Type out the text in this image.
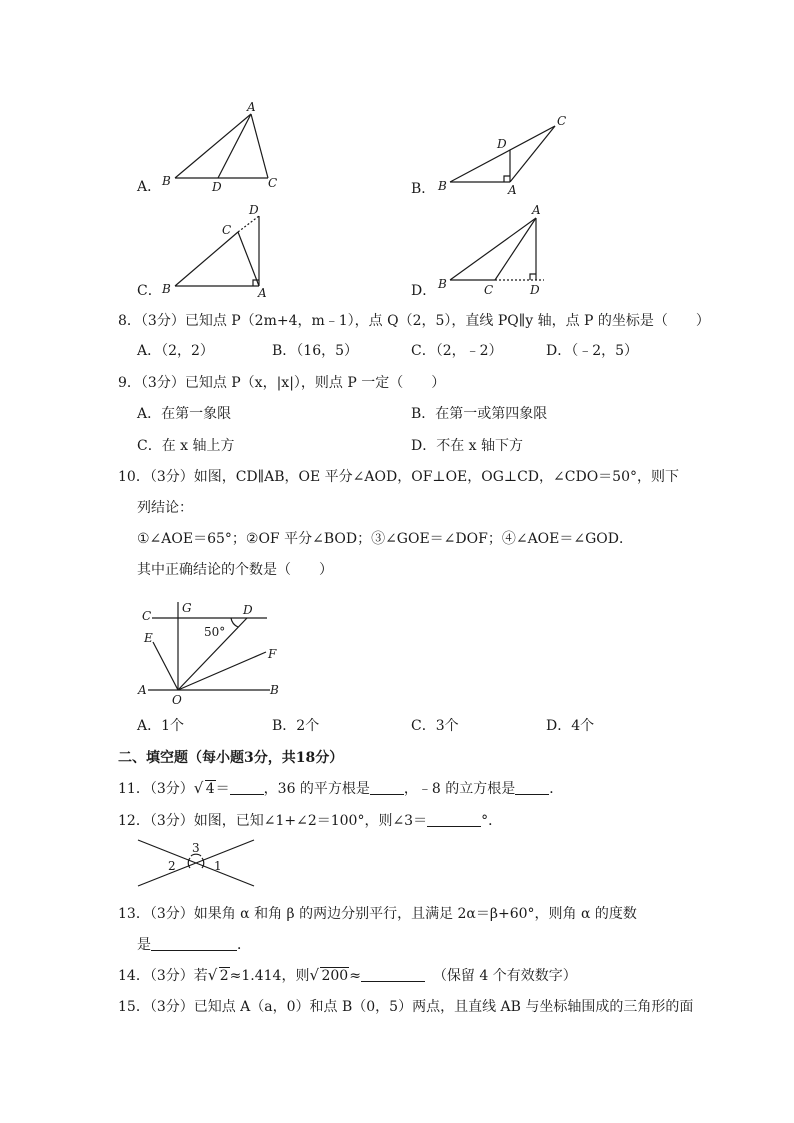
A．
A
B	D	C	B．
C
D
B	A
C．
D
C
B	A	D．
A
B	C	D
8．（3分）已知点 P（2m+4，m﹣1），点 Q（2，5），直线 PQ∥y 轴，点 P 的坐标是（　　）
A．（2，2）	B．（16，5）	C．（2，﹣2）	D．（﹣2，5）
9．（3分）已知点 P（x，|x|），则点 P 一定（　　）
A．在第一象限	B．在第一或第四象限
C．在 x 轴上方	D．不在 x 轴下方
10．（3分）如图，CD∥AB，OE 平分∠AOD，OF⊥OE，OG⊥CD，∠CDO＝50°，则下
列结论：
①∠AOE＝65°；②OF 平分∠BOD；③∠GOE＝∠DOF；④∠AOE＝∠GOD．
其中正确结论的个数是（　　）
C
G	D
E
F
A
O
B
50°
A．1个	B．2个	C．3个	D．4个
二、填空题（每小题3分，共18分）
11．（3分） √ 4＝ ，36 的平方根是 ，﹣8 的立方根是 ．
12．（3分）如图，已知∠1+∠2＝100°，则∠3＝	°．
3
2	1
13．（3分）如果角 α 和角 β 的两边分别平行，且满足 2α＝β+60°，则角 α 的度数
是	．
14．（3分）若 √ 2≈1.414，则 √ 200≈	（保留 4 个有效数字）
15．（3分）已知点 A（a，0）和点 B（0，5）两点，且直线 AB 与坐标轴围成的三角形的面
